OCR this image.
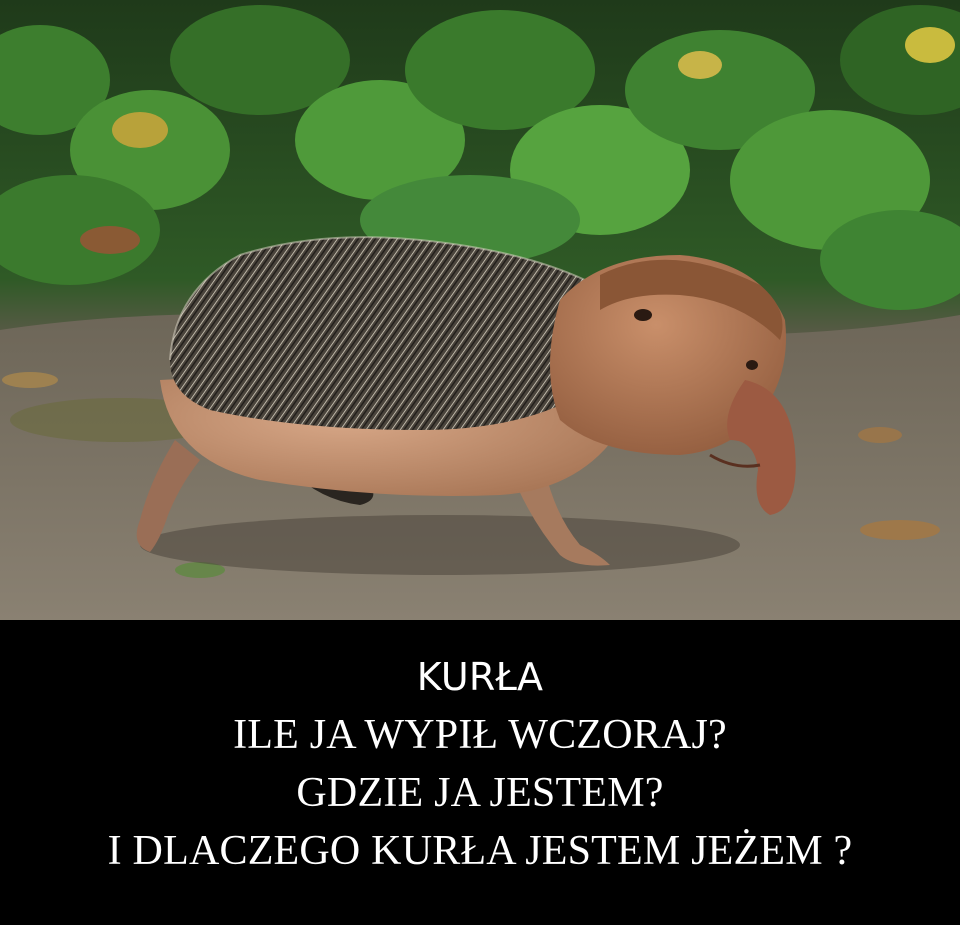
KURŁA
ILE JA WYPIŁ WCZORAJ?
GDZIE JA JESTEM?
I DLACZEGO KURŁA JESTEM JEŻEM ?
